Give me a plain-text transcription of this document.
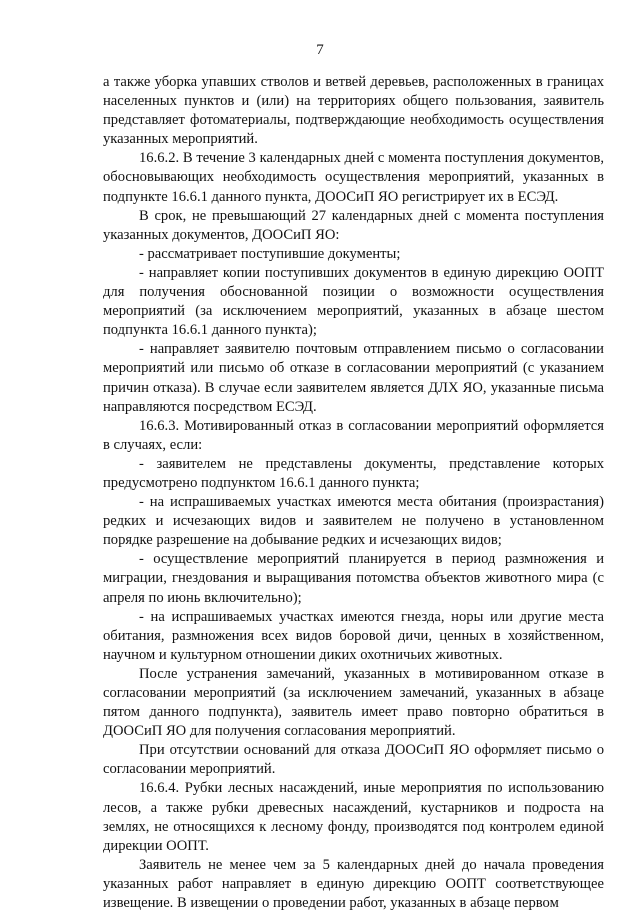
7

а также уборка упавших стволов и ветвей деревьев, расположенных в границах населенных пунктов и (или) на территориях общего пользования, заявитель представляет фотоматериалы, подтверждающие необходимость осуществления указанных мероприятий.

16.6.2. В течение 3 календарных дней с момента поступления документов, обосновывающих необходимость осуществления мероприятий, указанных в подпункте 16.6.1 данного пункта, ДООСиП ЯО регистрирует их в ЕСЭД.

В срок, не превышающий 27 календарных дней с момента поступления указанных документов, ДООСиП ЯО:

- рассматривает поступившие документы;

- направляет копии поступивших документов в единую дирекцию ООПТ для получения обоснованной позиции о возможности осуществления мероприятий (за исключением мероприятий, указанных в абзаце шестом подпункта 16.6.1 данного пункта);

- направляет заявителю почтовым отправлением письмо о согласовании мероприятий или письмо об отказе в согласовании мероприятий (с указанием причин отказа). В случае если заявителем является ДЛХ ЯО, указанные письма направляются посредством ЕСЭД.

16.6.3. Мотивированный отказ в согласовании мероприятий оформляется в случаях, если:

- заявителем не представлены документы, представление которых предусмотрено подпунктом 16.6.1 данного пункта;

- на испрашиваемых участках имеются места обитания (произрастания) редких и исчезающих видов и заявителем не получено в установленном порядке разрешение на добывание редких и исчезающих видов;

- осуществление мероприятий планируется в период размножения и миграции, гнездования и выращивания потомства объектов животного мира (с апреля по июнь включительно);

- на испрашиваемых участках имеются гнезда, норы или другие места обитания, размножения всех видов боровой дичи, ценных в хозяйственном, научном и культурном отношении диких охотничьих животных.

После устранения замечаний, указанных в мотивированном отказе в согласовании мероприятий (за исключением замечаний, указанных в абзаце пятом данного подпункта), заявитель имеет право повторно обратиться в ДООСиП ЯО для получения согласования мероприятий.

При отсутствии оснований для отказа ДООСиП ЯО оформляет письмо о согласовании мероприятий.

16.6.4. Рубки лесных насаждений, иные мероприятия по использованию лесов, а также рубки древесных насаждений, кустарников и подроста на землях, не относящихся к лесному фонду, производятся под контролем единой дирекции ООПТ.

Заявитель не менее чем за 5 календарных дней до начала проведения указанных работ направляет в единую дирекцию ООПТ соответствующее извещение. В извещении о проведении работ, указанных в абзаце первом
